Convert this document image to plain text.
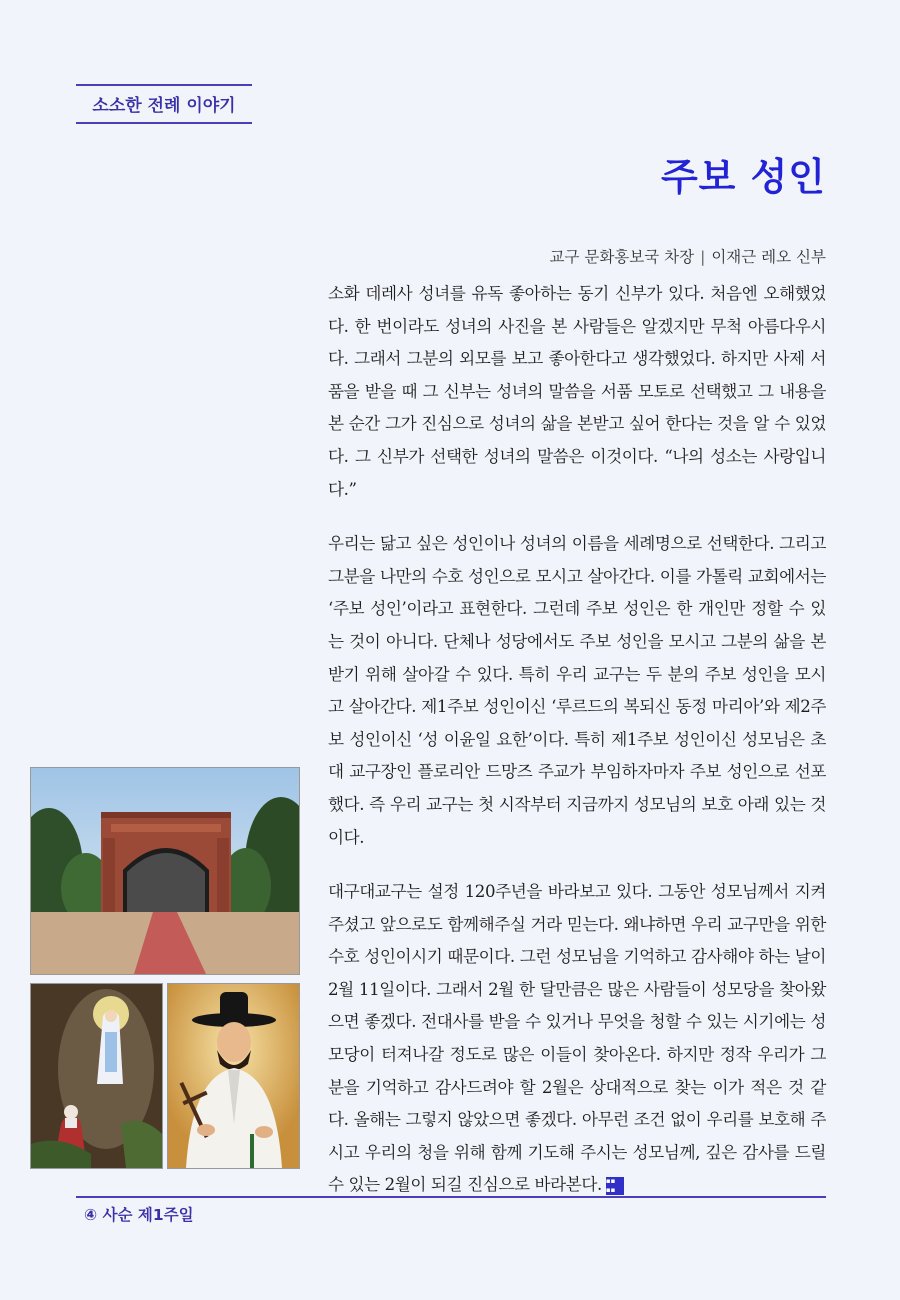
소소한 전례 이야기
주보 성인
교구 문화홍보국 차장 | 이재근 레오 신부

소화 데레사 성녀를 유독 좋아하는 동기 신부가 있다. 처음엔 오해했었다. 한 번이라도 성녀의 사진을 본 사람들은 알겠지만 무척 아름다우시다. 그래서 그분의 외모를 보고 좋아한다고 생각했었다. 하지만 사제 서품을 받을 때 그 신부는 성녀의 말씀을 서품 모토로 선택했고 그 내용을 본 순간 그가 진심으로 성녀의 삶을 본받고 싶어 한다는 것을 알 수 있었다. 그 신부가 선택한 성녀의 말씀은 이것이다. “나의 성소는 사랑입니다.”

우리는 닮고 싶은 성인이나 성녀의 이름을 세례명으로 선택한다. 그리고 그분을 나만의 수호 성인으로 모시고 살아간다. 이를 가톨릭 교회에서는 ‘주보 성인’이라고 표현한다. 그런데 주보 성인은 한 개인만 정할 수 있는 것이 아니다. 단체나 성당에서도 주보 성인을 모시고 그분의 삶을 본받기 위해 살아갈 수 있다. 특히 우리 교구는 두 분의 주보 성인을 모시고 살아간다. 제1주보 성인이신 ‘루르드의 복되신 동정 마리아’와 제2주보 성인이신 ‘성 이윤일 요한’이다. 특히 제1주보 성인이신 성모님은 초대 교구장인 플로리안 드망즈 주교가 부임하자마자 주보 성인으로 선포했다. 즉 우리 교구는 첫 시작부터 지금까지 성모님의 보호 아래 있는 것이다.

대구대교구는 설정 120주년을 바라보고 있다. 그동안 성모님께서 지켜주셨고 앞으로도 함께해주실 거라 믿는다. 왜냐하면 우리 교구만을 위한 수호 성인이시기 때문이다. 그런 성모님을 기억하고 감사해야 하는 날이 2월 11일이다. 그래서 2월 한 달만큼은 많은 사람들이 성모당을 찾아왔으면 좋겠다. 전대사를 받을 수 있거나 무엇을 청할 수 있는 시기에는 성모당이 터져나갈 정도로 많은 이들이 찾아온다. 하지만 정작 우리가 그분을 기억하고 감사드려야 할 2월은 상대적으로 찾는 이가 적은 것 같다. 올해는 그렇지 않았으면 좋겠다. 아무런 조건 없이 우리를 보호해 주시고 우리의 청을 위해 함께 기도해 주시는 성모님께, 깊은 감사를 드릴 수 있는 2월이 되길 진심으로 바라본다. ▪▪
▪▪

④ 사순 제1주일
